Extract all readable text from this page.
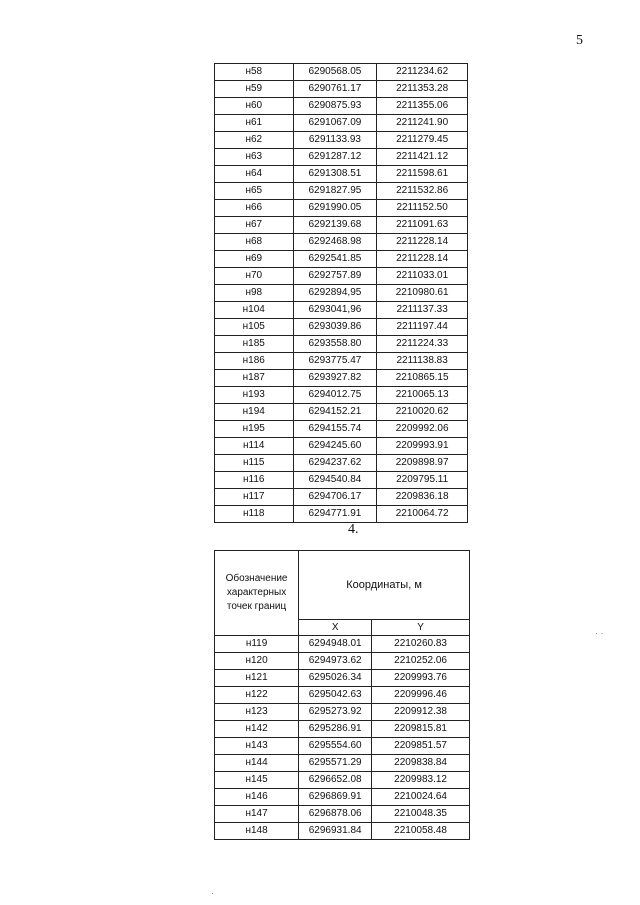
5
н58	6290568.05	2211234.62
н59	6290761.17	2211353.28
н60	6290875.93	2211355.06
н61	6291067.09	2211241.90
н62	6291133.93	2211279.45
н63	6291287.12	2211421.12
н64	6291308.51	2211598.61
н65	6291827.95	2211532.86
н66	6291990.05	2211152.50
н67	6292139.68	2211091.63
н68	6292468.98	2211228.14
н69	6292541.85	2211228.14
н70	6292757.89	2211033.01
н98	6292894,95	2210980.61
н104	6293041,96	2211137.33
н105	6293039.86	2211197.44
н185	6293558.80	2211224.33
н186	6293775.47	2211138.83
н187	6293927.82	2210865.15
н193	6294012.75	2210065.13
н194	6294152.21	2210020.62
н195	6294155.74	2209992.06
н114	6294245.60	2209993.91
н115	6294237.62	2209898.97
н116	6294540.84	2209795.11
н117	6294706.17	2209836.18
н118	6294771.91	2210064.72
4.
Обозначение характерных точек границ	Координаты, м	
	X	Y
н119	6294948.01	2210260.83
н120	6294973.62	2210252.06
н121	6295026.34	2209993.76
н122	6295042.63	2209996.46
н123	6295273.92	2209912.38
н142	6295286.91	2209815.81
н143	6295554.60	2209851.57
н144	6295571.29	2209838.84
н145	6296652.08	2209983.12
н146	6296869.91	2210024.64
н147	6296878.06	2210048.35
н148	6296931.84	2210058.48
· ·
·
